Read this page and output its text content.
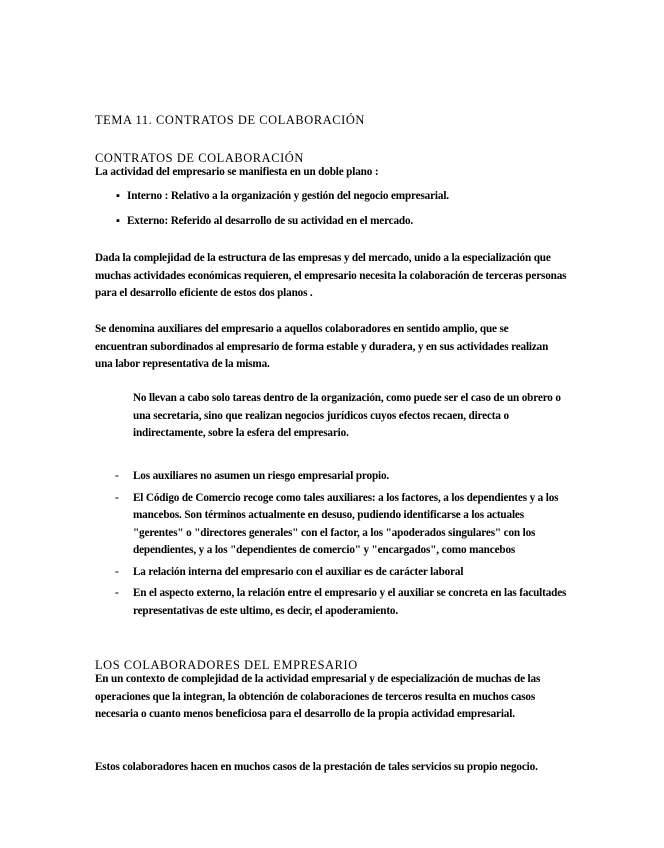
TEMA 11. CONTRATOS DE COLABORACIÓN

CONTRATOS DE COLABORACIÓN

La actividad del empresario se manifiesta en un doble plano :

▪ Interno : Relativo a la organización y gestión del negocio empresarial.
▪ Externo: Referido al desarrollo de su actividad en el mercado.

Dada la complejidad de la estructura de las empresas y del mercado, unido a la especialización que muchas actividades económicas requieren, el empresario necesita la colaboración de terceras personas para el desarrollo eficiente de estos dos planos .

Se denomina auxiliares del empresario a aquellos colaboradores en sentido amplio, que se encuentran subordinados al empresario de forma estable y duradera, y en sus actividades realizan una labor representativa de la misma.

No llevan a cabo solo tareas dentro de la organización, como puede ser el caso de un obrero o una secretaria, sino que realizan negocios jurídicos cuyos efectos recaen, directa o indirectamente, sobre la esfera del empresario.

- Los auxiliares no asumen un riesgo empresarial propio.
- El Código de Comercio recoge como tales auxiliares: a los factores, a los dependientes y a los mancebos. Son términos actualmente en desuso, pudiendo identificarse a los actuales "gerentes" o "directores generales" con el factor, a los "apoderados singulares" con los dependientes, y a los "dependientes de comercio" y "encargados", como mancebos
- La relación interna del empresario con el auxiliar es de carácter laboral
- En el aspecto externo, la relación entre el empresario y el auxiliar se concreta en las facultades representativas de este ultimo, es decir, el apoderamiento.

LOS COLABORADORES DEL EMPRESARIO

En un contexto de complejidad de la actividad empresarial y de especialización de muchas de las operaciones que la integran, la obtención de colaboraciones de terceros resulta en muchos casos necesaria o cuanto menos beneficiosa para el desarrollo de la propia actividad empresarial.

Estos colaboradores hacen en muchos casos de la prestación de tales servicios su propio negocio.
